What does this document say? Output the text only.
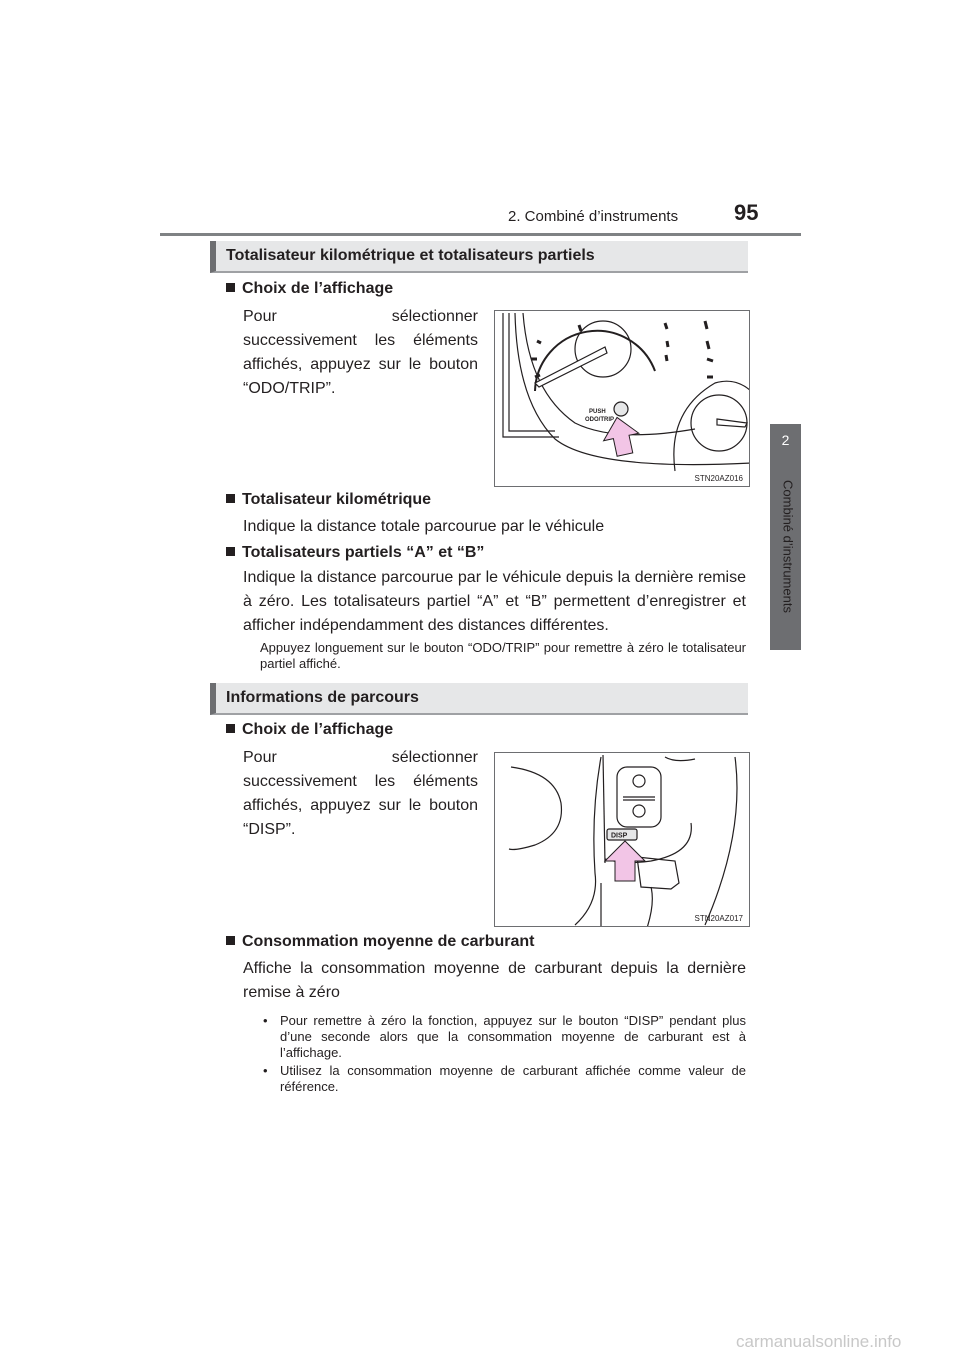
2. Combiné d’instruments	95
2
Combiné d’instruments
Totalisateur kilométrique et totalisateurs partiels
Choix de l’affichage
Pour sélectionner successivement les éléments affichés, appuyez sur le bouton “ODO/TRIP”.
PUSH
ODO/TRIP
STN20AZ016
Totalisateur kilométrique
Indique la distance totale parcourue par le véhicule
Totalisateurs partiels “A” et “B”
Indique la distance parcourue par le véhicule depuis la dernière remise à zéro. Les totalisateurs partiel “A” et “B” permettent d’enregistrer et afficher indépendamment des distances différentes.
Appuyez longuement sur le bouton “ODO/TRIP” pour remettre à zéro le totalisateur partiel affiché.
Informations de parcours
Choix de l’affichage
Pour sélectionner successivement les éléments affichés, appuyez sur le bouton “DISP”.	DISP
STN20AZ017
Consommation moyenne de carburant
Affiche la consommation moyenne de carburant depuis la dernière remise à zéro
• Pour remettre à zéro la fonction, appuyez sur le bouton “DISP” pendant plus d’une seconde alors que la consommation moyenne de carburant est à l’affichage.
• Utilisez la consommation moyenne de carburant affichée comme valeur de référence.
carmanualsonline.info
